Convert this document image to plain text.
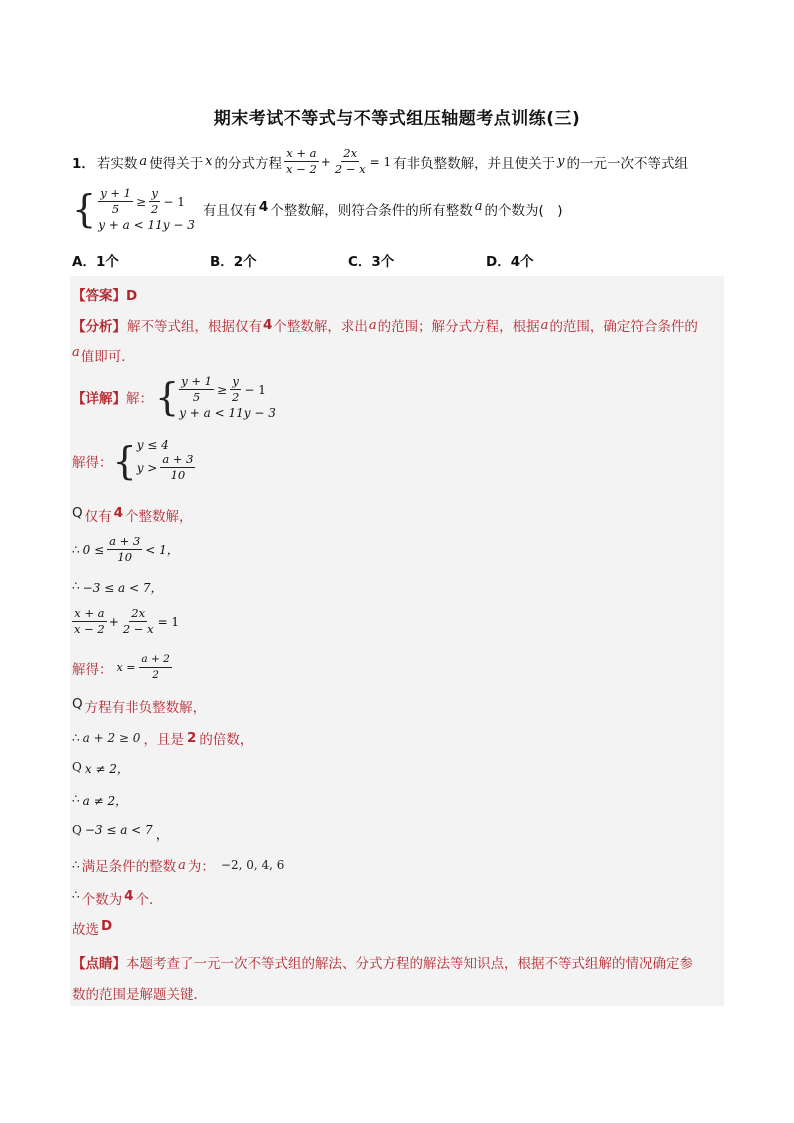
期末考试不等式与不等式组压轴题考点训练(三)
1． 若实数 a 使得关于 x 的分式方程 $\frac{x + a}{x - 2} + \frac{2x}{2 - x} = 1$ 有非负整数解，并且使关于 y 的一元一次不等式组
{ $\frac{y + 1}{5} \ge \frac{y}{2} - 1$
y + a < 11y − 3
有且仅有 4 个整数解，则符合条件的所有整数 a 的个数为(　)
A．1个	B．2个	C．3个	D．4个
【答案】D
【分析】 解不等式组，根据仅有 4 个整数解，求出 a 的范围；解分式方程，根据 a 的范围，确定符合条件的
a 值即可．
【详解】 解： { $\frac{y + 1}{5} \ge \frac{y}{2} - 1$
y + a < 11y − 3
解得： { y ≤ 4
$y > \frac{a + 3}{10}$
Q 仅有 4 个整数解，
∴ $0 \le \frac{a + 3}{10} < 1$，
∴ −3 ≤ a < 7，
$\frac{x + a}{x - 2} + \frac{2x}{2 - x} = 1$
解得： $x = \frac{a + 2}{2}$
Q 方程有非负整数解，
∴ a + 2 ≥ 0 ，且是 2 的倍数，
Q x ≠ 2，
∴ a ≠ 2，
Q −3 ≤ a < 7 ，
∴ 满足条件的整数 a 为： −2, 0, 4, 6
∴ 个数为 4 个．
故选 D
【点睛】本题考查了一元一次不等式组的解法、分式方程的解法等知识点，根据不等式组解的情况确定参
数的范围是解题关键．
